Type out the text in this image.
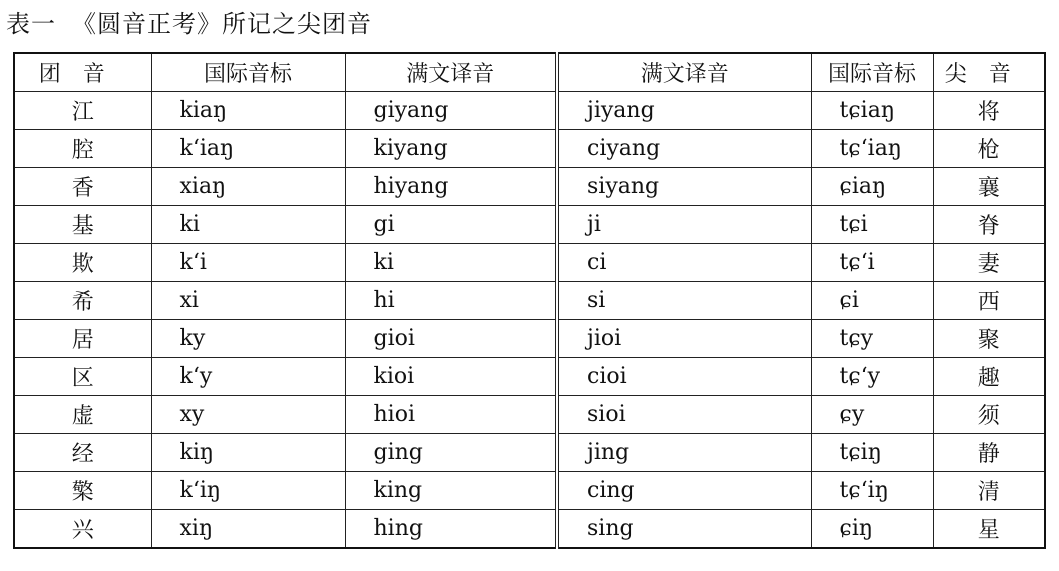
表一 《圆音正考》所记之尖团音
团音	国际音标	满文译音	满文译音	国际音标	尖音
江	kiaŋ	giyang	jiyang	tɕiaŋ	将
腔	kʻiaŋ	kiyang	ciyang	tɕʻiaŋ	枪
香	xiaŋ	hiyang	siyang	ɕiaŋ	襄
基	ki	gi	ji	tɕi	脊
欺	kʻi	ki	ci	tɕʻi	妻
希	xi	hi	si	ɕi	西
居	ky	gioi	jioi	tɕy	聚
区	kʻy	kioi	cioi	tɕʻy	趣
虚	xy	hioi	sioi	ɕy	须
经	kiŋ	ging	jing	tɕiŋ	静
檠	kʻiŋ	king	cing	tɕʻiŋ	清
兴	xiŋ	hing	sing	ɕiŋ	星
